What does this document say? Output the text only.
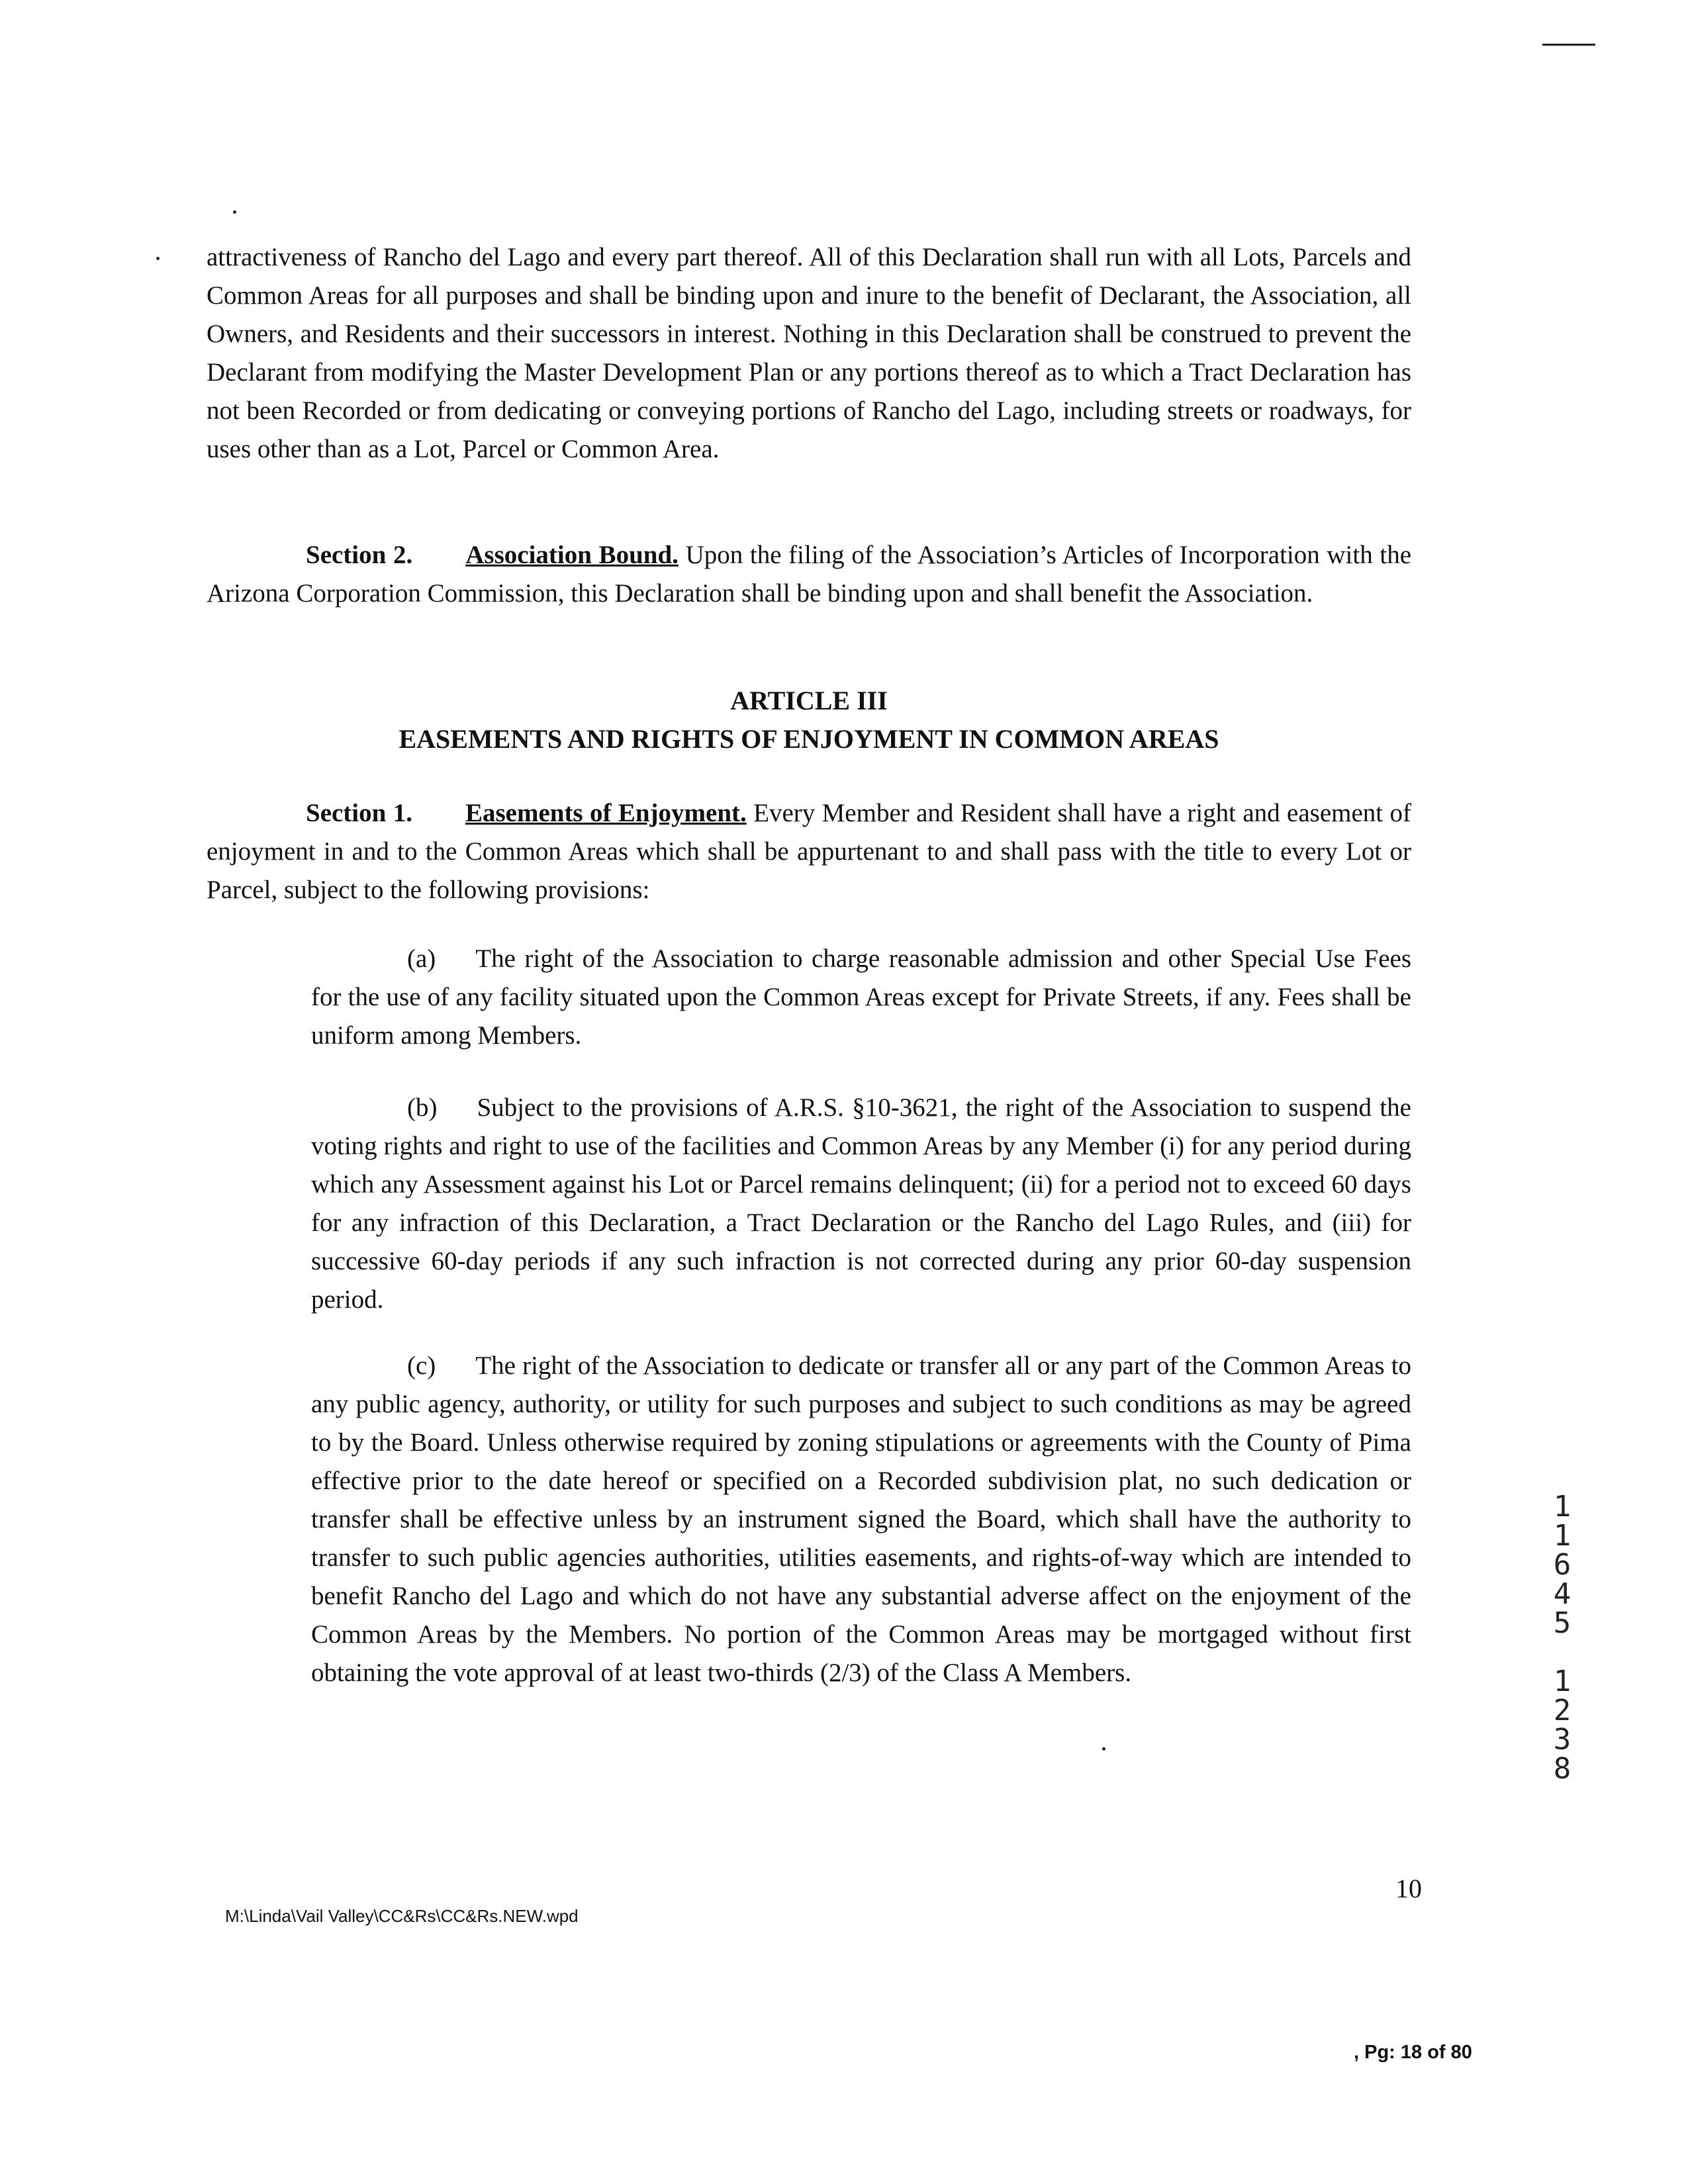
attractiveness of Rancho del Lago and every part thereof. All of this Declaration shall run with all Lots, Parcels and Common Areas for all purposes and shall be binding upon and inure to the benefit of Declarant, the Association, all Owners, and Residents and their successors in interest. Nothing in this Declaration shall be construed to prevent the Declarant from modifying the Master Development Plan or any portions thereof as to which a Tract Declaration has not been Recorded or from dedicating or conveying portions of Rancho del Lago, including streets or roadways, for uses other than as a Lot, Parcel or Common Area.

Section 2. Association Bound. Upon the filing of the Association’s Articles of Incorporation with the Arizona Corporation Commission, this Declaration shall be binding upon and shall benefit the Association.

ARTICLE III

EASEMENTS AND RIGHTS OF ENJOYMENT IN COMMON AREAS

Section 1. Easements of Enjoyment. Every Member and Resident shall have a right and easement of enjoyment in and to the Common Areas which shall be appurtenant to and shall pass with the title to every Lot or Parcel, subject to the following provisions:

(a) The right of the Association to charge reasonable admission and other Special Use Fees for the use of any facility situated upon the Common Areas except for Private Streets, if any. Fees shall be uniform among Members.

(b) Subject to the provisions of A.R.S. §10-3621, the right of the Association to suspend the voting rights and right to use of the facilities and Common Areas by any Member (i) for any period during which any Assessment against his Lot or Parcel remains delinquent; (ii) for a period not to exceed 60 days for any infraction of this Declaration, a Tract Declaration or the Rancho del Lago Rules, and (iii) for successive 60-day periods if any such infraction is not corrected during any prior 60-day suspension period.

(c) The right of the Association to dedicate or transfer all or any part of the Common Areas to any public agency, authority, or utility for such purposes and subject to such conditions as may be agreed to by the Board. Unless otherwise required by zoning stipulations or agreements with the County of Pima effective prior to the date hereof or specified on a Recorded subdivision plat, no such dedication or transfer shall be effective unless by an instrument signed the Board, which shall have the authority to transfer to such public agencies authorities, utilities easements, and rights-of-way which are intended to benefit Rancho del Lago and which do not have any substantial adverse affect on the enjoyment of the Common Areas by the Members. No portion of the Common Areas may be mortgaged without first obtaining the vote approval of at least two-thirds (2/3) of the Class A Members.

1
1
6
4
5
1
2
3
8
M:\Linda\Vail Valley\CC&Rs\CC&Rs.NEW.wpd
10
, Pg: 18 of 80
